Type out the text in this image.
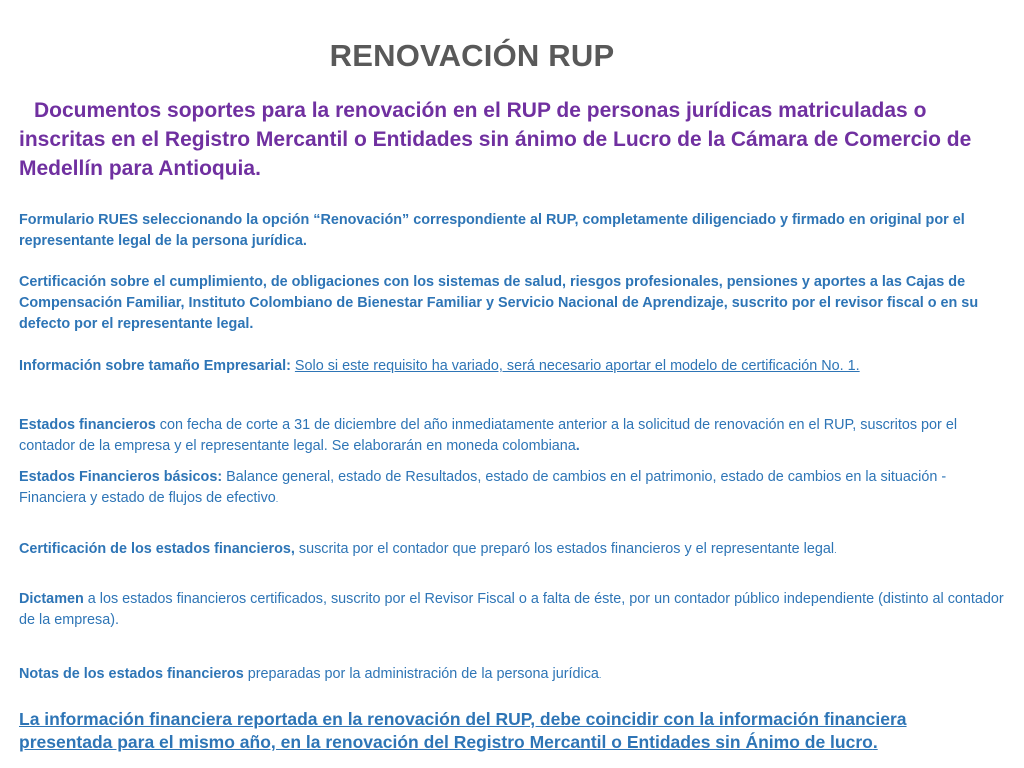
RENOVACIÓN RUP
Documentos soportes para la renovación en el RUP de personas jurídicas matriculadas o inscritas en el Registro Mercantil o Entidades sin ánimo de Lucro de la Cámara de Comercio de Medellín para Antioquia.
Formulario RUES seleccionando la opción “Renovación” correspondiente al RUP, completamente diligenciado y firmado en original por el representante legal de la persona jurídica.
Certificación sobre el cumplimiento, de obligaciones con los sistemas de salud, riesgos profesionales, pensiones y aportes a las Cajas de Compensación Familiar, Instituto Colombiano de Bienestar Familiar y Servicio Nacional de Aprendizaje, suscrito por el revisor fiscal o en su defecto por el representante legal.
Información sobre tamaño Empresarial: Solo si este requisito ha variado, será necesario aportar el modelo de certificación No. 1.
Estados financieros con fecha de corte a 31 de diciembre del año inmediatamente anterior a la solicitud de renovación en el RUP, suscritos por el contador de la empresa y el representante legal. Se elaborarán en moneda colombiana.
Estados Financieros básicos: Balance general, estado de Resultados, estado de cambios en el patrimonio, estado de cambios en la situación - Financiera y estado de flujos de efectivo.
Certificación de los estados financieros, suscrita por el contador que preparó los estados financieros y el representante legal.
Dictamen a los estados financieros certificados, suscrito por el Revisor Fiscal o a falta de éste, por un contador público independiente (distinto al contador de la empresa).
Notas de los estados financieros preparadas por la administración de la persona jurídica.
La información financiera reportada en la renovación del RUP, debe coincidir con la información financiera presentada para el mismo año, en la renovación del Registro Mercantil o Entidades sin Ánimo de lucro.
